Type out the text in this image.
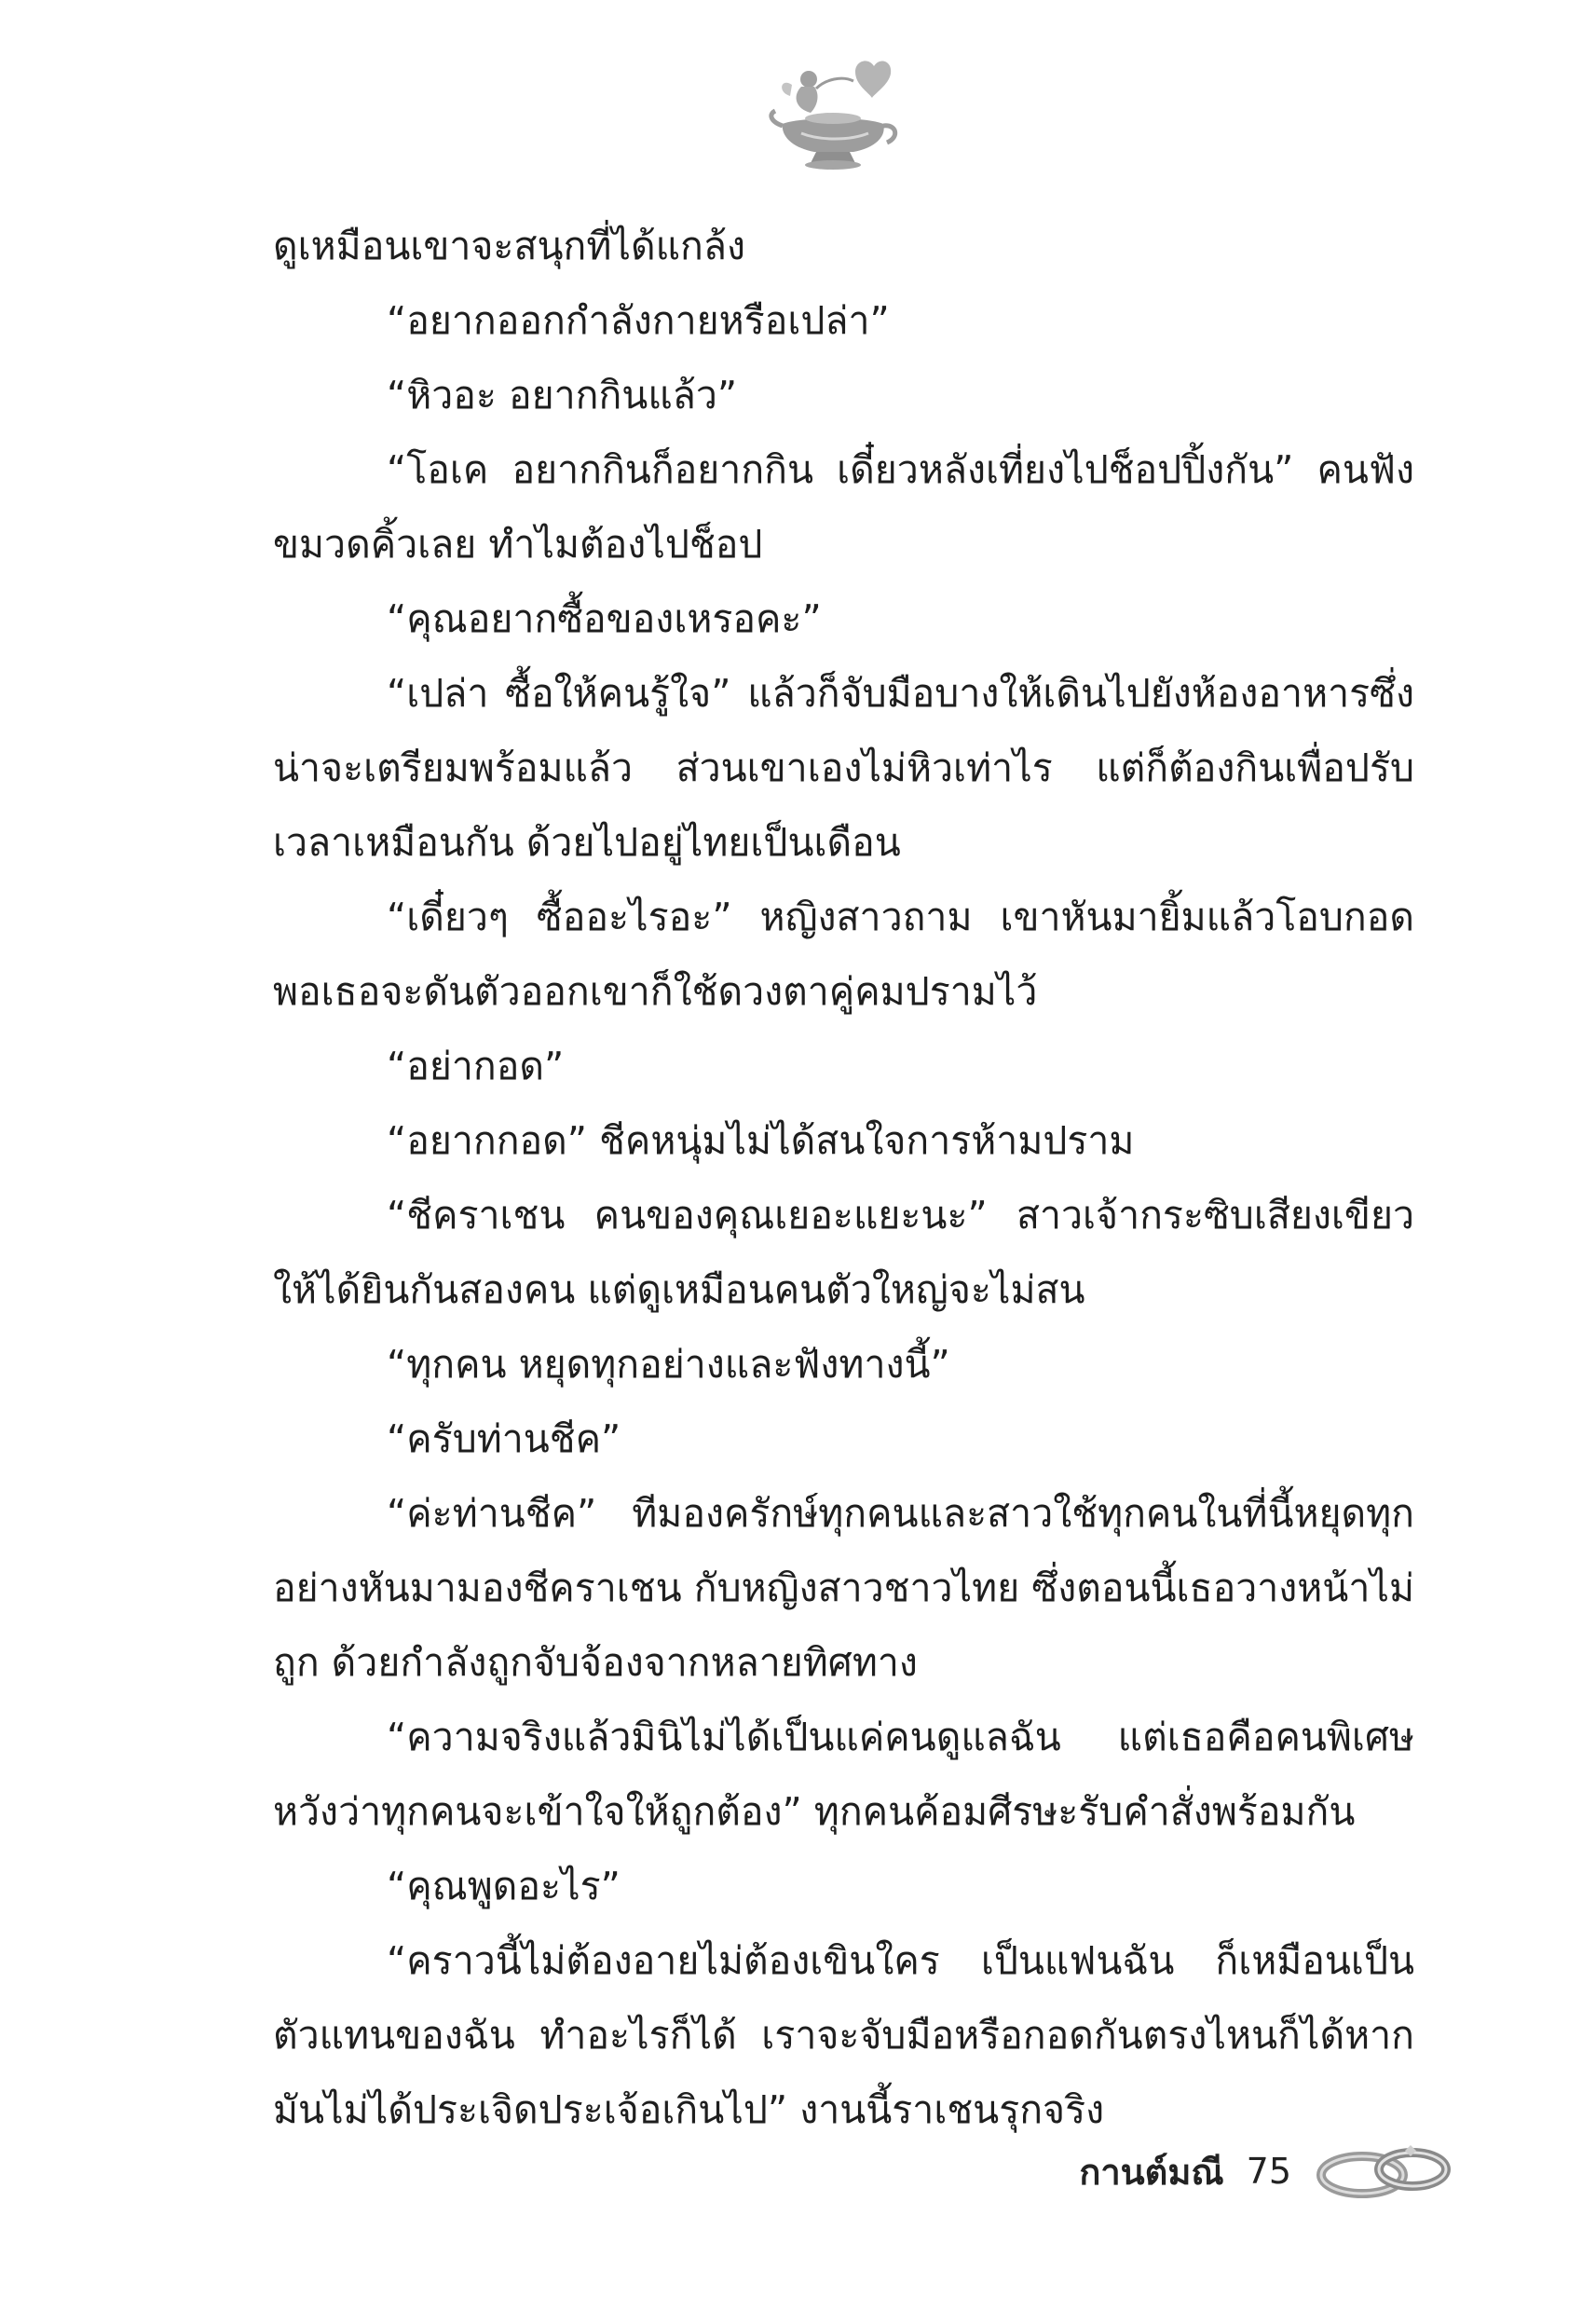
ดูเหมือนเขาจะสนุกที่ได้แกล้ง

“อยากออกกำลังกายหรือเปล่า”

“หิวอะ อยากกินแล้ว”

“โอเค อยากกินก็อยากกิน เดี๋ยวหลังเที่ยงไปช็อปปิ้งกัน” คนฟังขมวดคิ้วเลย ทำไมต้องไปช็อป

“คุณอยากซื้อของเหรอคะ”

“เปล่า ซื้อให้คนรู้ใจ” แล้วก็จับมือบางให้เดินไปยังห้องอาหารซึ่งน่าจะเตรียมพร้อมแล้ว ส่วนเขาเองไม่หิวเท่าไร แต่ก็ต้องกินเพื่อปรับเวลาเหมือนกัน ด้วยไปอยู่ไทยเป็นเดือน

“เดี๋ยวๆ ซื้ออะไรอะ” หญิงสาวถาม เขาหันมายิ้มแล้วโอบกอด พอเธอจะดันตัวออกเขาก็ใช้ดวงตาคู่คมปรามไว้

“อย่ากอด”

“อยากกอด” ชีคหนุ่มไม่ได้สนใจการห้ามปราม

“ชีคราเชน คนของคุณเยอะแยะนะ” สาวเจ้ากระซิบเสียงเขียวให้ได้ยินกันสองคน แต่ดูเหมือนคนตัวใหญ่จะไม่สน

“ทุกคน หยุดทุกอย่างและฟังทางนี้”

“ครับท่านชีค”

“ค่ะท่านชีค” ทีมองครักษ์ทุกคนและสาวใช้ทุกคนในที่นี้หยุดทุกอย่างหันมามองชีคราเชน กับหญิงสาวชาวไทย ซึ่งตอนนี้เธอวางหน้าไม่ถูก ด้วยกำลังถูกจับจ้องจากหลายทิศทาง

“ความจริงแล้วมินิไม่ได้เป็นแค่คนดูแลฉัน แต่เธอคือคนพิเศษหวังว่าทุกคนจะเข้าใจให้ถูกต้อง” ทุกคนค้อมศีรษะรับคำสั่งพร้อมกัน

“คุณพูดอะไร”

“คราวนี้ไม่ต้องอายไม่ต้องเขินใคร เป็นแฟนฉัน ก็เหมือนเป็นตัวแทนของฉัน ทำอะไรก็ได้ เราจะจับมือหรือกอดกันตรงไหนก็ได้หากมันไม่ได้ประเจิดประเจ้อเกินไป” งานนี้ราเชนรุกจริง

กานต์มณี 75
